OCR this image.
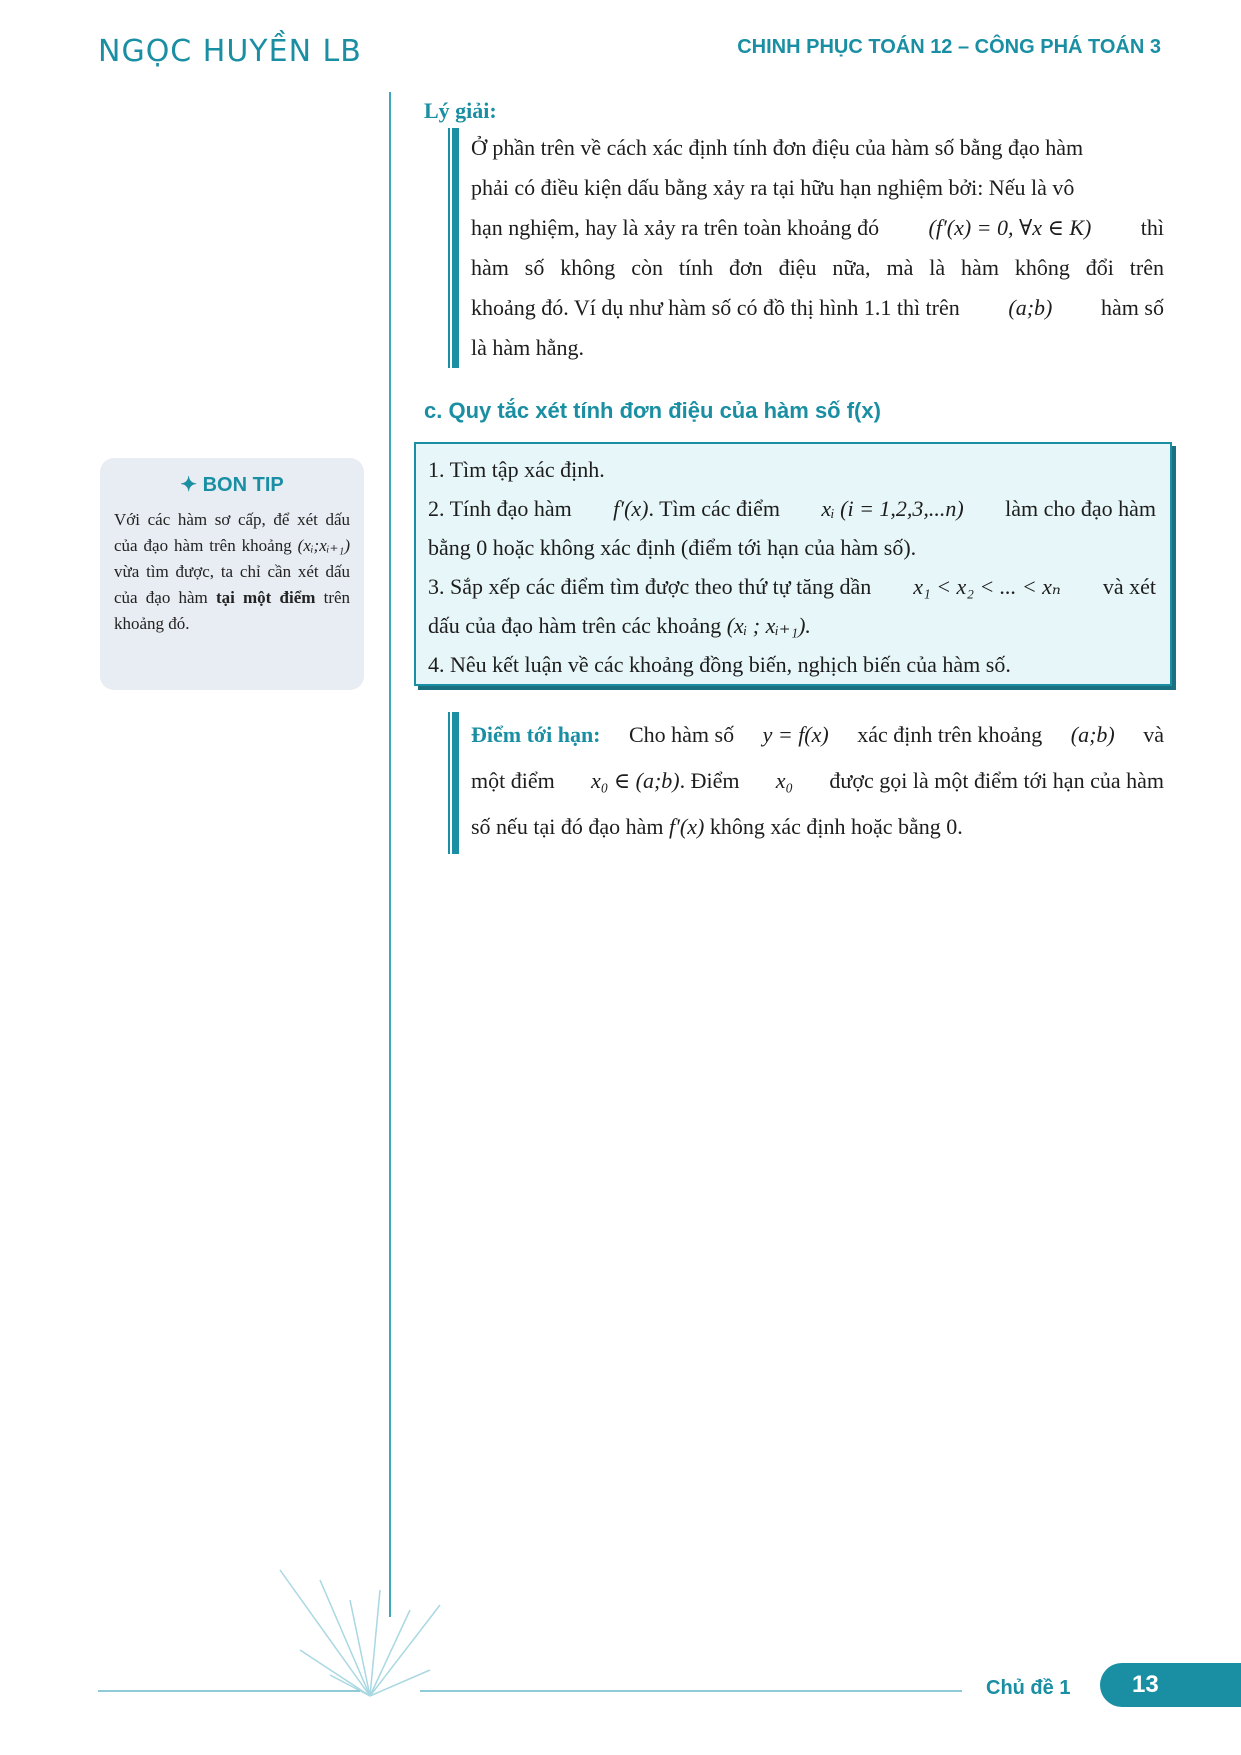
NGỌC HUYỀN LB	CHINH PHỤC TOÁN 12 – CÔNG PHÁ TOÁN 3
Lý giải:
Ở phần trên về cách xác định tính đơn điệu của hàm số bằng đạo hàm
phải có điều kiện dấu bằng xảy ra tại hữu hạn nghiệm bởi: Nếu là vô
hạn nghiệm, hay là xảy ra trên toàn khoảng đó (f′(x) = 0, ∀x ∈ K) thì
hàm số không còn tính đơn điệu nữa, mà là hàm không đổi trên
khoảng đó. Ví dụ như hàm số có đồ thị hình 1.1 thì trên (a;b) hàm số
là hàm hằng.
c. Quy tắc xét tính đơn điệu của hàm số f(x)

1. Tìm tập xác định.

2. Tính đạo hàm f′(x). Tìm các điểm xᵢ (i = 1,2,3,...n) làm cho đạo hàm

bằng 0 hoặc không xác định (điểm tới hạn của hàm số).

3. Sắp xếp các điểm tìm được theo thứ tự tăng dần x₁ < x₂ < ... < xₙ và xét

dấu của đạo hàm trên các khoảng (xᵢ ; xᵢ₊₁).

4. Nêu kết luận về các khoảng đồng biến, nghịch biến của hàm số.

Điểm tới hạn: Cho hàm số y = f(x) xác định trên khoảng (a;b) và
một điểm x₀ ∈ (a;b). Điểm x₀ được gọi là một điểm tới hạn của hàm
số nếu tại đó đạo hàm f′(x) không xác định hoặc bằng 0.
✦ BON TIP
Với các hàm sơ cấp, để xét dấu của đạo hàm trên khoảng (xᵢ;xᵢ₊₁) vừa tìm được, ta chỉ cần xét dấu của đạo hàm tại một điểm trên khoảng đó.
Chủ đề 1	13
